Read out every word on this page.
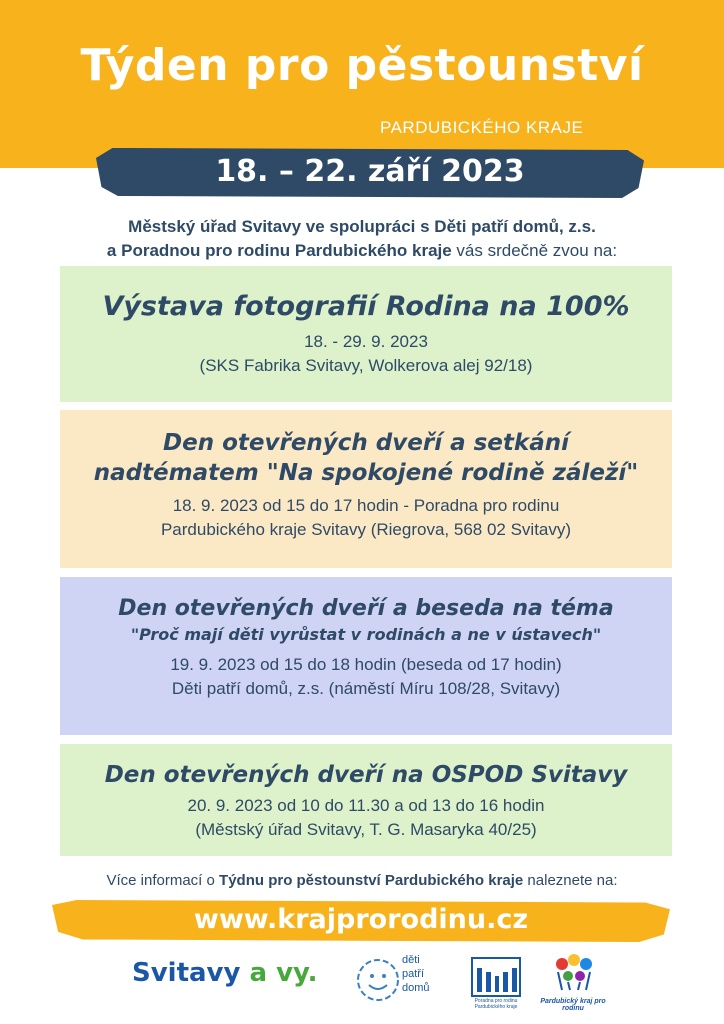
Týden pro pěstounství
PARDUBICKÉHO KRAJE
18. – 22. září 2023
Městský úřad Svitavy ve spolupráci s Děti patří domů, z.s.
a Poradnou pro rodinu Pardubického kraje vás srdečně zvou na:
Výstava fotografií Rodina na 100%
18. - 29. 9. 2023
(SKS Fabrika Svitavy, Wolkerova alej 92/18)
Den otevřených dveří a setkání
nadtématem "Na spokojené rodině záleží"
18. 9. 2023 od 15 do 17 hodin - Poradna pro rodinu
Pardubického kraje Svitavy (Riegrova, 568 02 Svitavy)
Den otevřených dveří a beseda na téma
"Proč mají děti vyrůstat v rodinách a ne v ústavech"
19. 9. 2023 od 15 do 18 hodin (beseda od 17 hodin)
Děti patří domů, z.s. (náměstí Míru 108/28, Svitavy)
Den otevřených dveří na OSPOD Svitavy
20. 9. 2023 od 10 do 11.30 a od 13 do 16 hodin
(Městský úřad Svitavy, T. G. Masaryka 40/25)
Více informací o Týdnu pro pěstounství Pardubického kraje naleznete na:
www.krajprorodinu.cz
Svitavy a vy.	děti
patří
domů
Poradna pro rodinu
Pardubického kraje
Pardubický kraj pro rodinu
